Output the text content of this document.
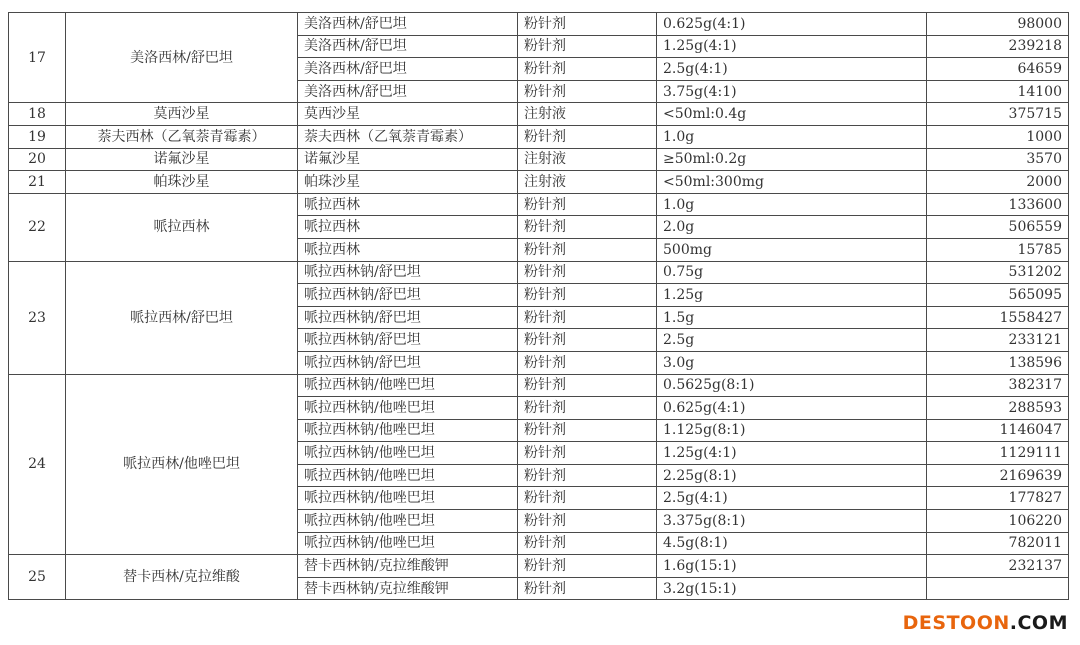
17	美洛西林/舒巴坦	美洛西林/舒巴坦	粉针剂	0.625g(4:1)	98000
		美洛西林/舒巴坦	粉针剂	1.25g(4:1)	239218
		美洛西林/舒巴坦	粉针剂	2.5g(4:1)	64659
		美洛西林/舒巴坦	粉针剂	3.75g(4:1)	14100
18	莫西沙星	莫西沙星	注射液	<50ml:0.4g	375715
19	萘夫西林（乙氧萘青霉素）	萘夫西林（乙氧萘青霉素）	粉针剂	1.0g	1000
20	诺氟沙星	诺氟沙星	注射液	≥50ml:0.2g	3570
21	帕珠沙星	帕珠沙星	注射液	<50ml:300mg	2000
22	哌拉西林	哌拉西林	粉针剂	1.0g	133600
		哌拉西林	粉针剂	2.0g	506559
		哌拉西林	粉针剂	500mg	15785
23	哌拉西林/舒巴坦	哌拉西林钠/舒巴坦	粉针剂	0.75g	531202
		哌拉西林钠/舒巴坦	粉针剂	1.25g	565095
		哌拉西林钠/舒巴坦	粉针剂	1.5g	1558427
		哌拉西林钠/舒巴坦	粉针剂	2.5g	233121
		哌拉西林钠/舒巴坦	粉针剂	3.0g	138596
24	哌拉西林/他唑巴坦	哌拉西林钠/他唑巴坦	粉针剂	0.5625g(8:1)	382317
		哌拉西林钠/他唑巴坦	粉针剂	0.625g(4:1)	288593
		哌拉西林钠/他唑巴坦	粉针剂	1.125g(8:1)	1146047
		哌拉西林钠/他唑巴坦	粉针剂	1.25g(4:1)	1129111
		哌拉西林钠/他唑巴坦	粉针剂	2.25g(8:1)	2169639
		哌拉西林钠/他唑巴坦	粉针剂	2.5g(4:1)	177827
		哌拉西林钠/他唑巴坦	粉针剂	3.375g(8:1)	106220
		哌拉西林钠/他唑巴坦	粉针剂	4.5g(8:1)	782011
25	替卡西林/克拉维酸	替卡西林钠/克拉维酸钾	粉针剂	1.6g(15:1)	232137
		替卡西林钠/克拉维酸钾	粉针剂	3.2g(15:1)	
DESTOON.COM
